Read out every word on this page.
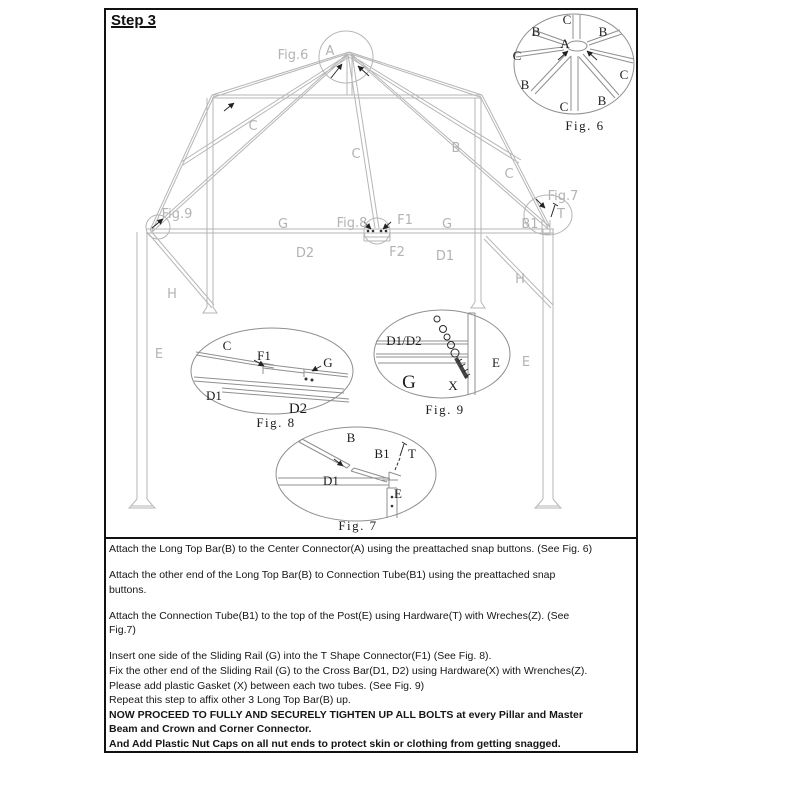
Step 3
Fig.6 A
C
C	B
C
Fig.9
G	Fig.8 F1 G
Fig.7
B1
T
D2	F2 D1
H
H
E
E
C
B
A
B
C
C
B
B
C
Fig. 6
C
F1	G
D1
D2
Fig. 8
D1/D2
E
G X
Fig. 9
B
B1 T
D1
E
Fig. 7
Attach the Long Top Bar(B) to the Center Connector(A) using the preattached snap buttons. (See Fig. 6)
Attach the other end of the Long Top Bar(B) to Connection Tube(B1) using the preattached snap
buttons.
Attach the Connection Tube(B1) to the top of the Post(E) using Hardware(T) with Wreches(Z). (See
Fig.7)
Insert one side of the Sliding Rail (G) into the T Shape Connector(F1) (See Fig. 8).
Fix the other end of the Sliding Rail (G) to the Cross Bar(D1, D2) using Hardware(X) with Wrenches(Z).
Please add plastic Gasket (X) between each two tubes. (See Fig. 9)
Repeat this step to affix other 3 Long Top Bar(B) up.
NOW PROCEED TO FULLY AND SECURELY TIGHTEN UP ALL BOLTS at every Pillar and Master
Beam and Crown and Corner Connector.
And Add Plastic Nut Caps on all nut ends to protect skin or clothing from getting snagged.
